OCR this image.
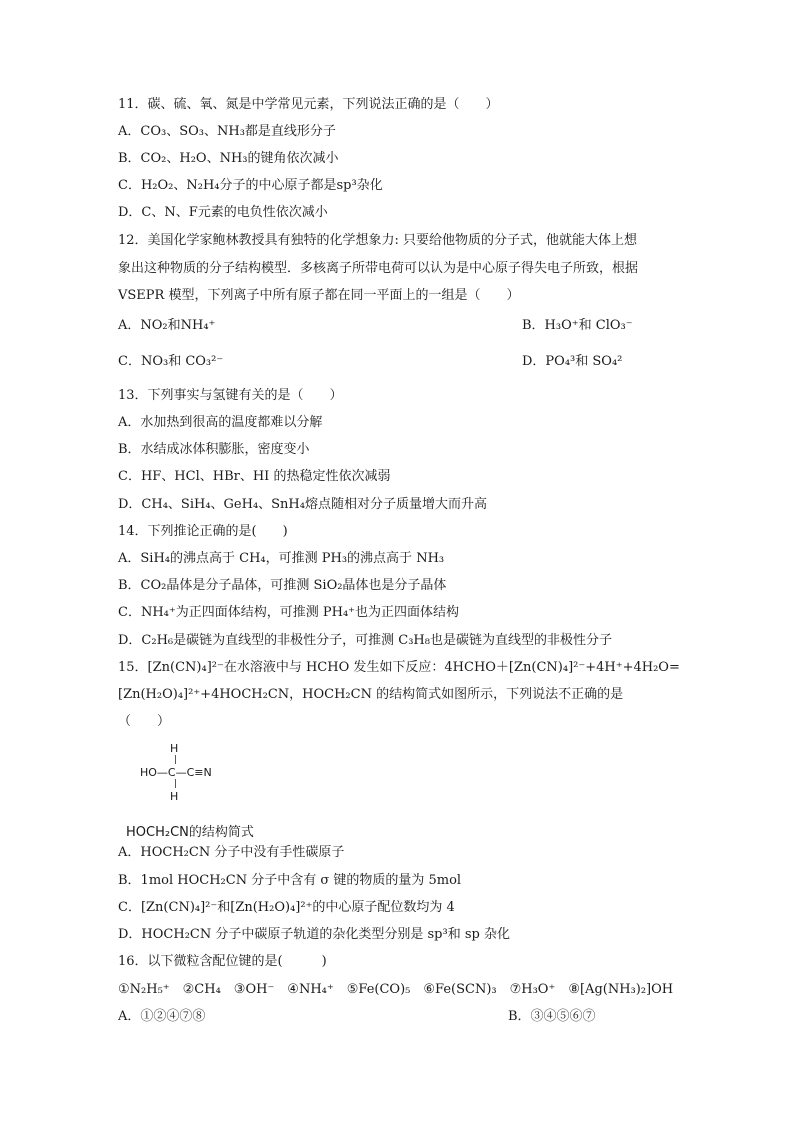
11．碳、硫、氧、氮是中学常见元素，下列说法正确的是（　　）
A．CO₃、SO₃、NH₃都是直线形分子
B．CO₂、H₂O、NH₃的键角依次减小
C．H₂O₂、N₂H₄分子的中心原子都是sp³杂化
D．C、N、F元素的电负性依次减小
12．美国化学家鲍林教授具有独特的化学想象力: 只要给他物质的分子式，他就能大体上想
象出这种物质的分子结构模型．多核离子所带电荷可以认为是中心原子得失电子所致，根据
VSEPR 模型，下列离子中所有原子都在同一平面上的一组是（　　）
A．NO₂和NH₄⁺	B．H₃O⁺和 ClO₃⁻
C．NO₃和 CO₃²⁻	D．PO₄³和 SO₄²
13．下列事实与氢键有关的是（　　）
A．水加热到很高的温度都难以分解
B．水结成冰体积膨胀，密度变小
C．HF、HCl、HBr、HI 的热稳定性依次减弱
D．CH₄、SiH₄、GeH₄、SnH₄熔点随相对分子质量增大而升高
14．下列推论正确的是(　　)
A．SiH₄的沸点高于 CH₄，可推测 PH₃的沸点高于 NH₃
B．CO₂晶体是分子晶体，可推测 SiO₂晶体也是分子晶体
C．NH₄⁺为正四面体结构，可推测 PH₄⁺也为正四面体结构
D．C₂H₆是碳链为直线型的非极性分子，可推测 C₃H₈也是碳链为直线型的非极性分子
15．[Zn(CN)₄]²⁻在水溶液中与 HCHO 发生如下反应：4HCHO＋[Zn(CN)₄]²⁻+4H⁺+4H₂O=
[Zn(H₂O)₄]²⁺+4HOCH₂CN，HOCH₂CN 的结构简式如图所示，下列说法不正确的是
（　　）
H
|
HO—C—C≡N
|
H
HOCH₂CN的结构简式
A．HOCH₂CN 分子中没有手性碳原子
B．1mol HOCH₂CN 分子中含有 σ 键的物质的量为 5mol
C．[Zn(CN)₄]²⁻和[Zn(H₂O)₄]²⁺的中心原子配位数均为 4
D．HOCH₂CN 分子中碳原子轨道的杂化类型分别是 sp³和 sp 杂化
16．以下微粒含配位键的是(　　　)
①N₂H₅⁺　②CH₄　③OH⁻　④NH₄⁺　⑤Fe(CO)₅　⑥Fe(SCN)₃　⑦H₃O⁺　⑧[Ag(NH₃)₂]OH
A．①②④⑦⑧	B．③④⑤⑥⑦
